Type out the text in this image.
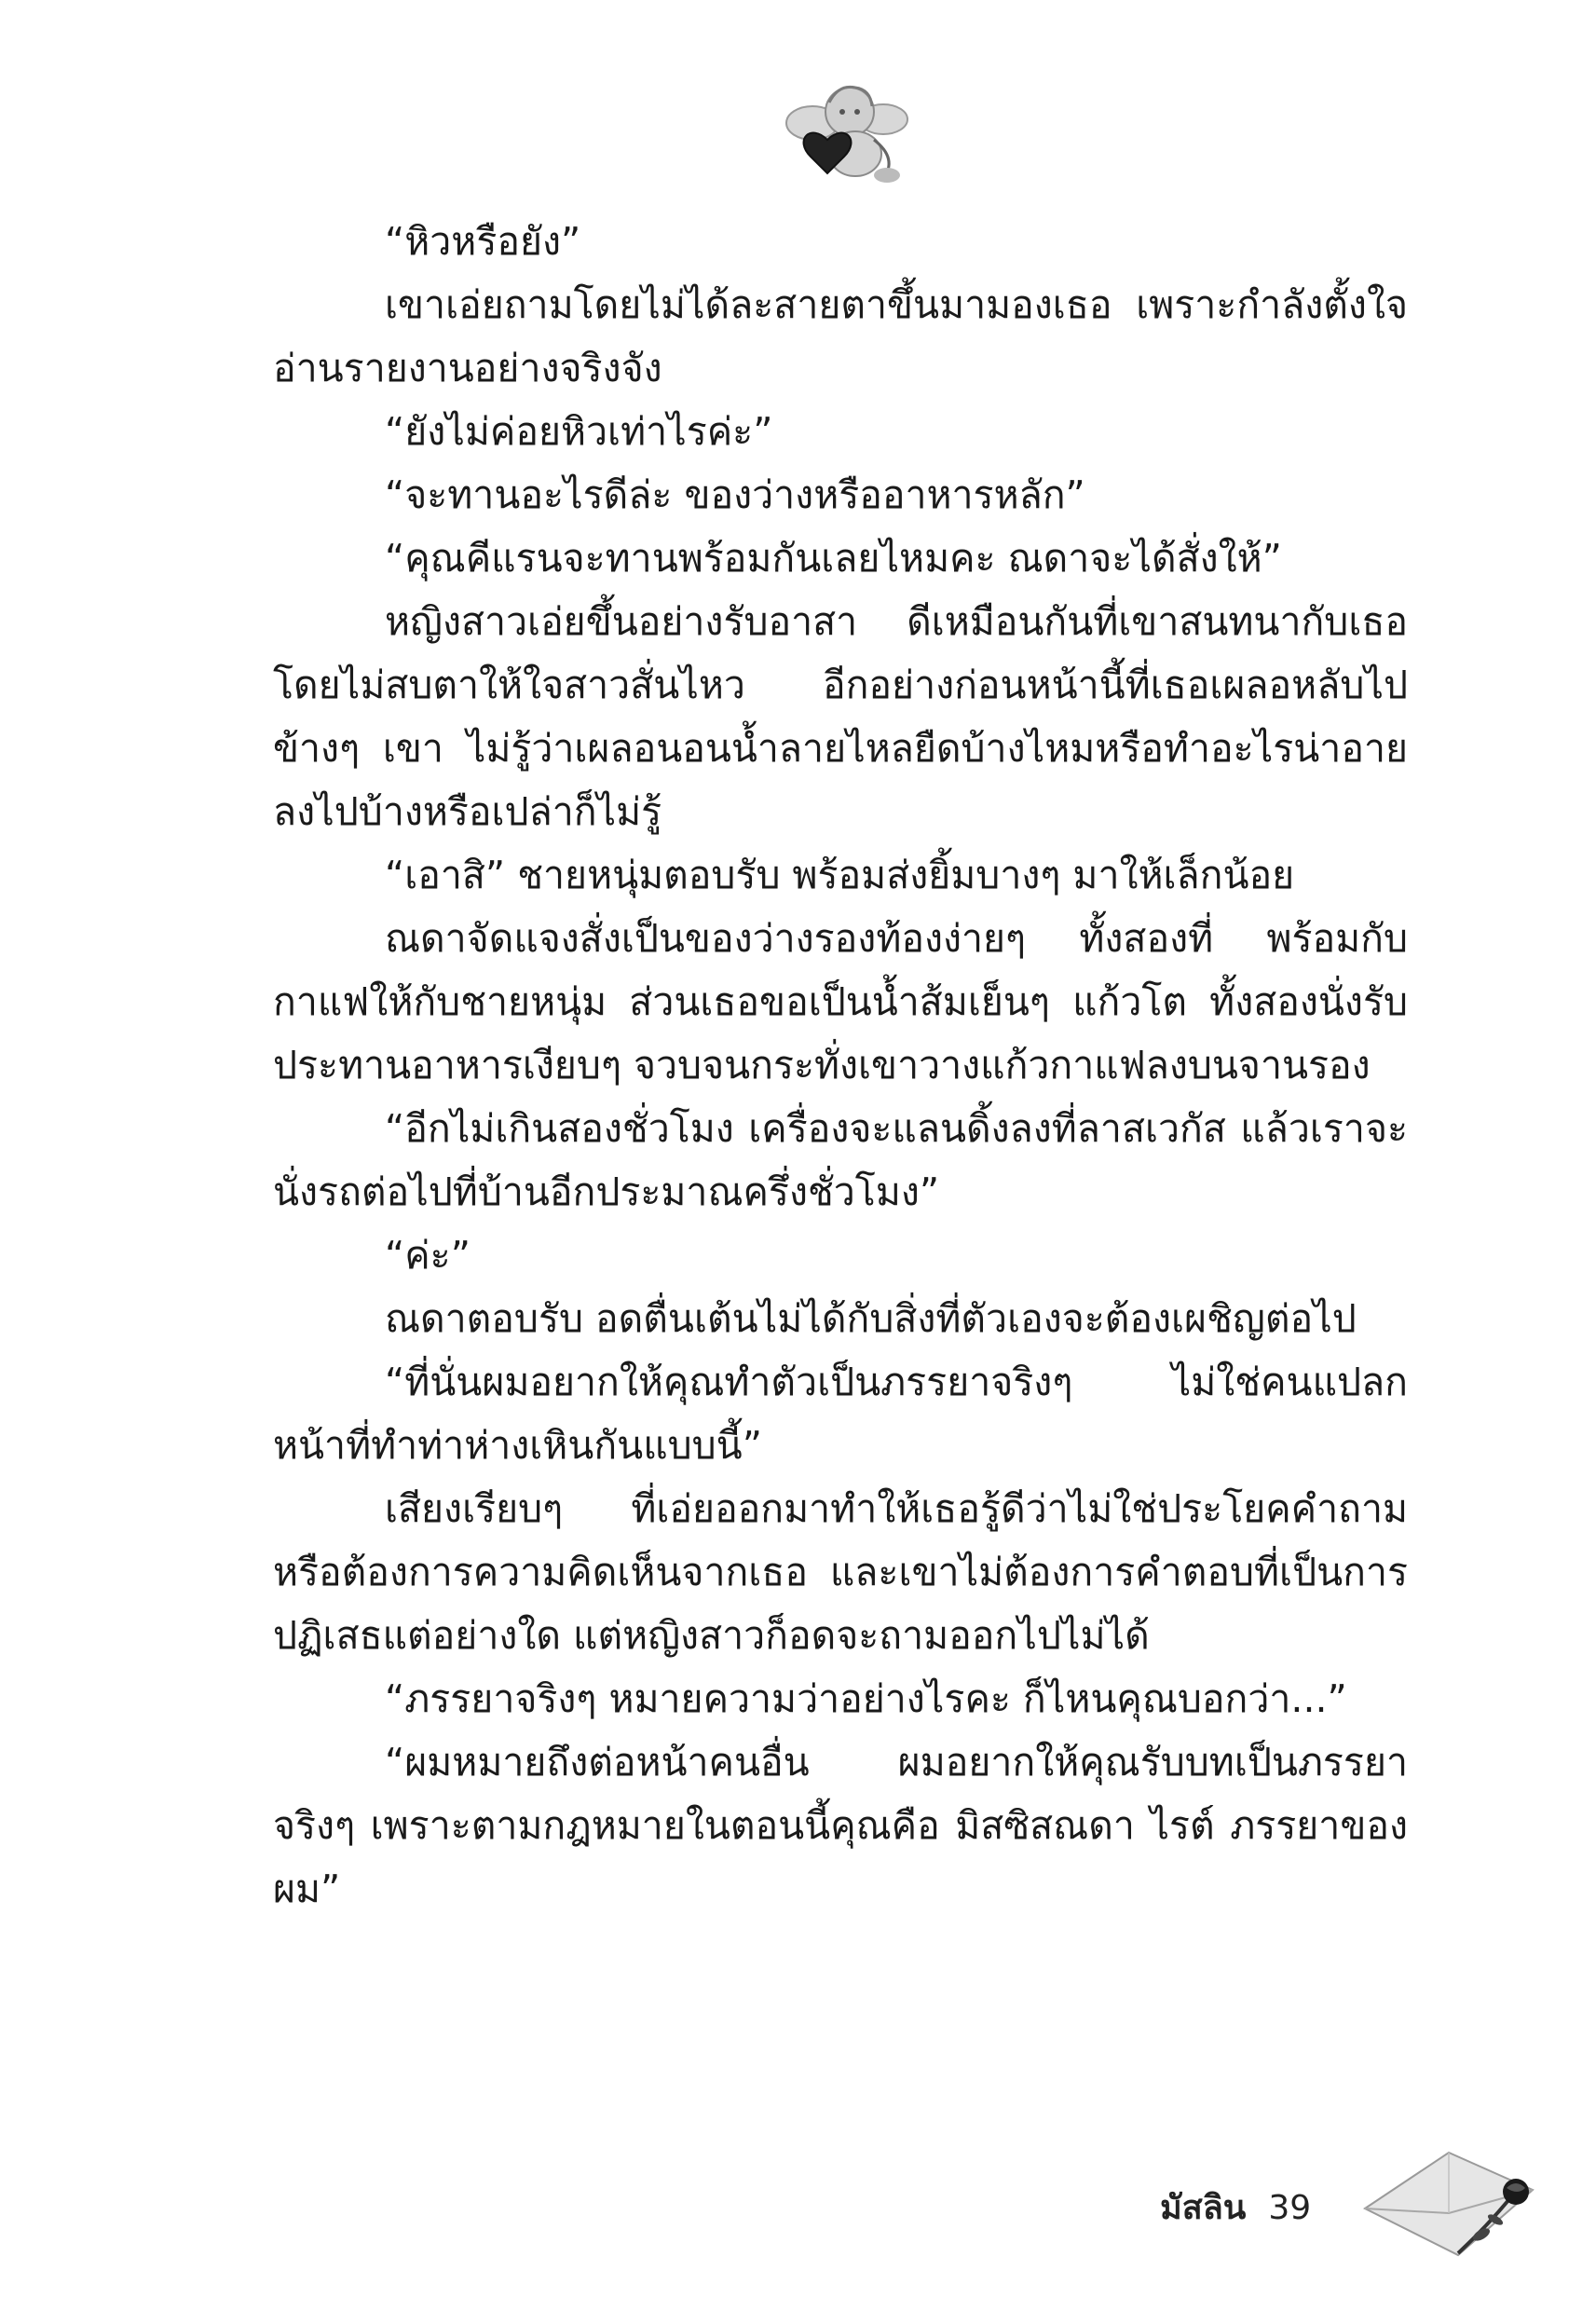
“หิวหรือยัง”

เขาเอ่ยถามโดยไม่ได้ละสายตาขึ้นมามองเธอ เพราะกำลังตั้งใจอ่านรายงานอย่างจริงจัง

“ยังไม่ค่อยหิวเท่าไรค่ะ”

“จะทานอะไรดีล่ะ ของว่างหรืออาหารหลัก”

“คุณคีแรนจะทานพร้อมกันเลยไหมคะ ณดาจะได้สั่งให้”

หญิงสาวเอ่ยขึ้นอย่างรับอาสา ดีเหมือนกันที่เขาสนทนากับเธอโดยไม่สบตาให้ใจสาวสั่นไหว อีกอย่างก่อนหน้านี้ที่เธอเผลอหลับไปข้างๆ เขา ไม่รู้ว่าเผลอนอนน้ำลายไหลยืดบ้างไหมหรือทำอะไรน่าอายลงไปบ้างหรือเปล่าก็ไม่รู้

“เอาสิ” ชายหนุ่มตอบรับ พร้อมส่งยิ้มบางๆ มาให้เล็กน้อย

ณดาจัดแจงสั่งเป็นของว่างรองท้องง่ายๆ ทั้งสองที่ พร้อมกับกาแฟให้กับชายหนุ่ม ส่วนเธอขอเป็นน้ำส้มเย็นๆ แก้วโต ทั้งสองนั่งรับประทานอาหารเงียบๆ จวบจนกระทั่งเขาวางแก้วกาแฟลงบนจานรอง

“อีกไม่เกินสองชั่วโมง เครื่องจะแลนดิ้งลงที่ลาสเวกัส แล้วเราจะนั่งรถต่อไปที่บ้านอีกประมาณครึ่งชั่วโมง”

“ค่ะ”

ณดาตอบรับ อดตื่นเต้นไม่ได้กับสิ่งที่ตัวเองจะต้องเผชิญต่อไป

“ที่นั่นผมอยากให้คุณทำตัวเป็นภรรยาจริงๆ ไม่ใช่คนแปลกหน้าที่ทำท่าห่างเหินกันแบบนี้”

เสียงเรียบๆ ที่เอ่ยออกมาทำให้เธอรู้ดีว่าไม่ใช่ประโยคคำถามหรือต้องการความคิดเห็นจากเธอ และเขาไม่ต้องการคำตอบที่เป็นการปฏิเสธแต่อย่างใด แต่หญิงสาวก็อดจะถามออกไปไม่ได้

“ภรรยาจริงๆ หมายความว่าอย่างไรคะ ก็ไหนคุณบอกว่า...”

“ผมหมายถึงต่อหน้าคนอื่น ผมอยากให้คุณรับบทเป็นภรรยาจริงๆ เพราะตามกฎหมายในตอนนี้คุณคือ มิสซิสณดา ไรต์ ภรรยาของผม”

มัสลิน 39
